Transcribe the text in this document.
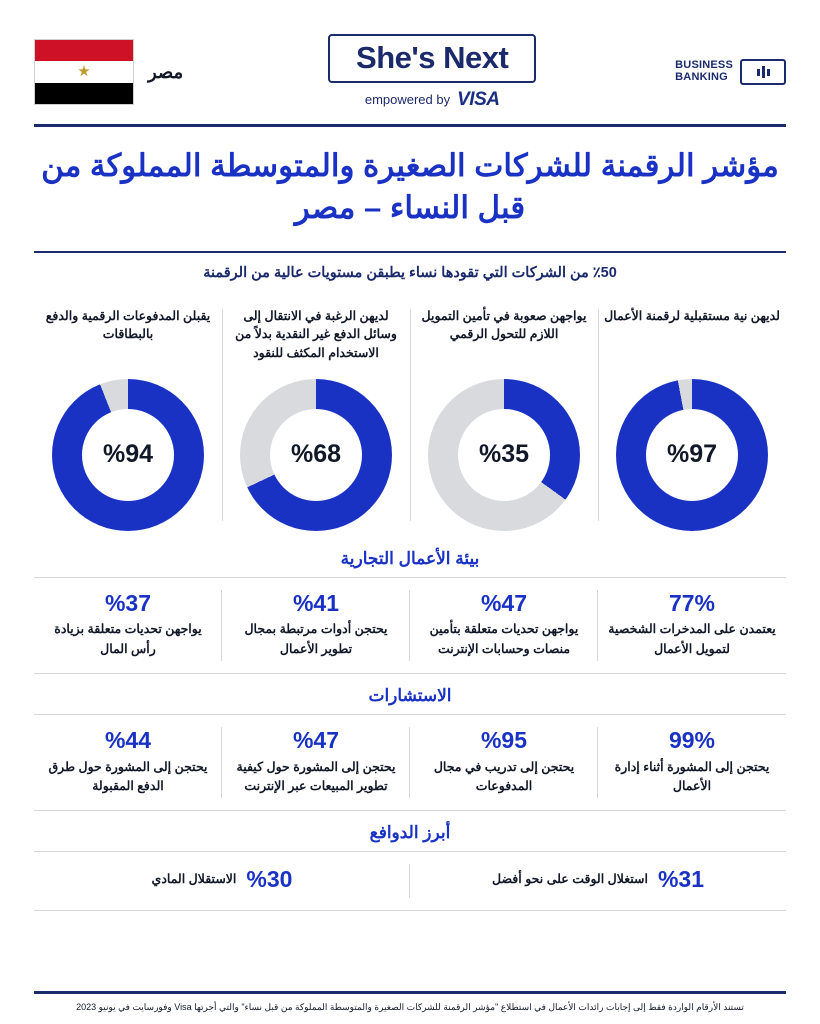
BUSINESS
BANKING
She's Next
empowered by VISA
مصر
★
مؤشر الرقمنة للشركات الصغيرة والمتوسطة المملوكة من قبل النساء – مصر
٪50 من الشركات التي تقودها نساء يطبقن مستويات عالية من الرقمنة
لديهن نية مستقبلية لرقمنة الأعمال
%97
يواجهن صعوبة في تأمين التمويل اللازم للتحول الرقمي
%35
لديهن الرغبة في الانتقال إلى وسائل الدفع غير النقدية بدلاً من الاستخدام المكثف للنقود
%68
يقبلن المدفوعات الرقمية والدفع بالبطاقات
%94
بيئة الأعمال التجارية
77%
يعتمدن على المدخرات الشخصية لتمويل الأعمال
%47
يواجهن تحديات متعلقة بتأمين منصات وحسابات الإنترنت
%41
يحتجن أدوات مرتبطة بمجال تطوير الأعمال
%37
يواجهن تحديات متعلقة بزيادة رأس المال
الاستشارات
99%
يحتجن إلى المشورة أثناء إدارة الأعمال
%95
يحتجن إلى تدريب في مجال المدفوعات
%47
يحتجن إلى المشورة حول كيفية تطوير المبيعات عبر الإنترنت
%44
يحتجن إلى المشورة حول طرق الدفع المقبولة
أبرز الدوافع
%31
استغلال الوقت على نحو أفضل
%30
الاستقلال المادي
تستند الأرقام الواردة فقط إلى إجابات رائدات الأعمال في استطلاع "مؤشر الرقمنة للشركات الصغيرة والمتوسطة المملوكة من قبل نساء" والتي أجرتها Visa وفورسايت في يونيو 2023
